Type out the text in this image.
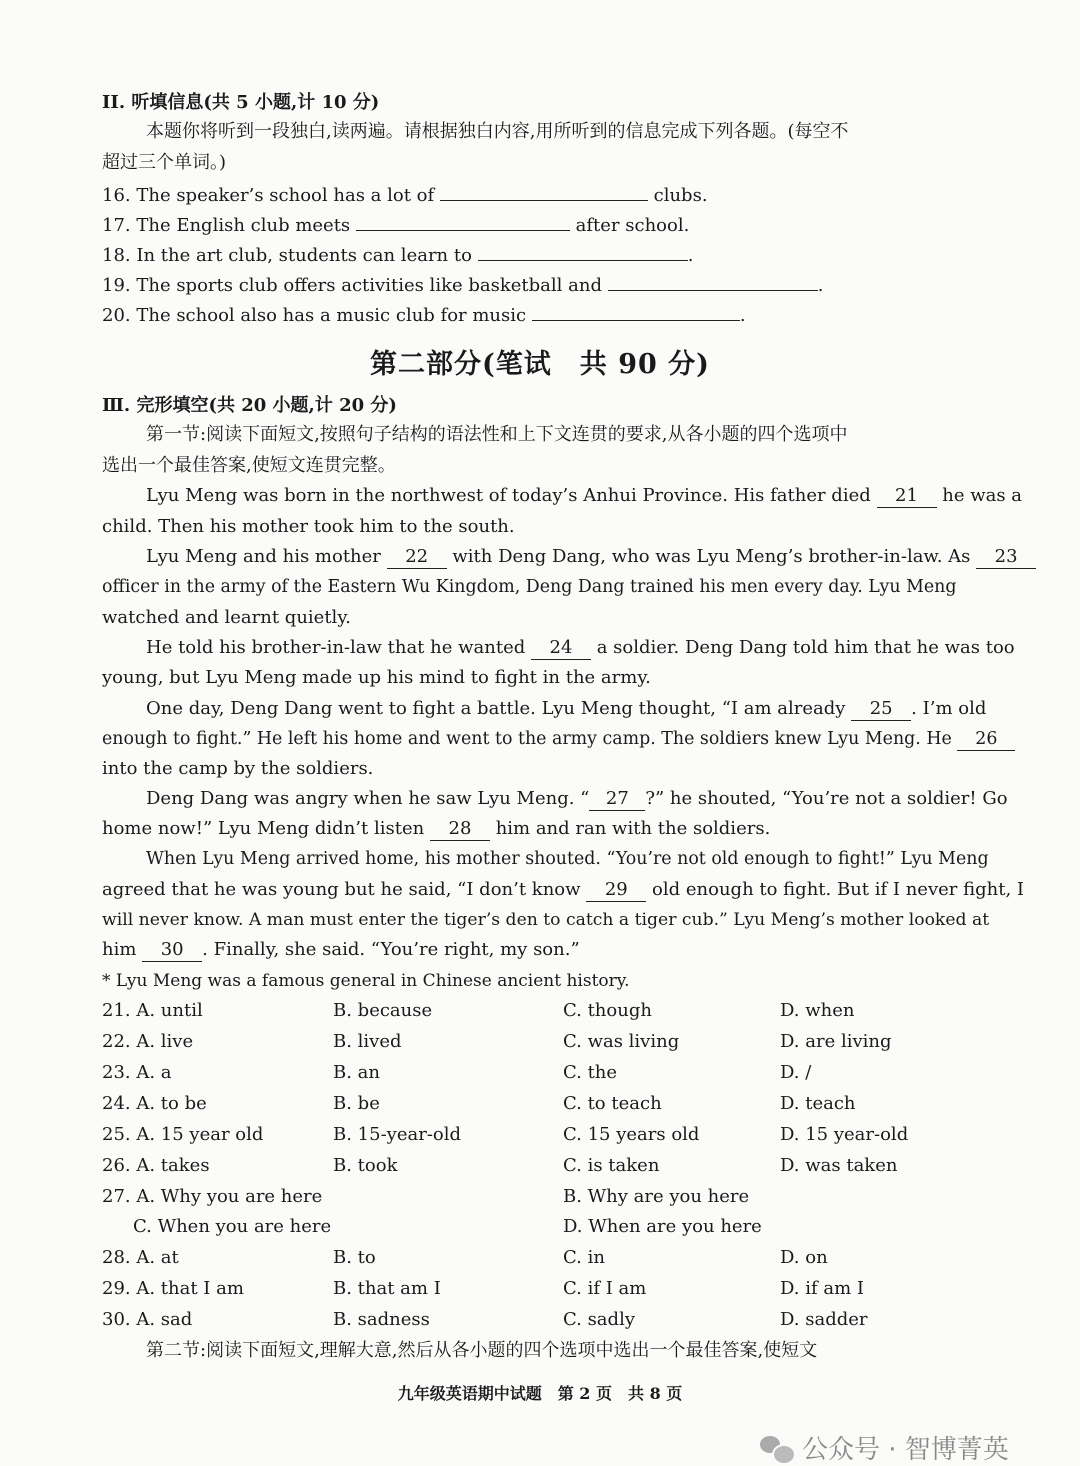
II. 听填信息(共 5 小题,计 10 分)
本题你将听到一段独白,读两遍。请根据独白内容,用所听到的信息完成下列各题。(每空不
超过三个单词。)
16. The speaker’s school has a lot of	clubs.
17. The English club meets	after school.
18. In the art club, students can learn to	.
19. The sports club offers activities like basketball and	.
20. The school also has a music club for music	.
第二部分(笔试　共 90 分)
Ⅲ. 完形填空(共 20 小题,计 20 分)
第一节:阅读下面短文,按照句子结构的语法性和上下文连贯的要求,从各小题的四个选项中
选出一个最佳答案,使短文连贯完整。
Lyu Meng was born in the northwest of today’s Anhui Province. His father died 21 he was a
child. Then his mother took him to the south.
Lyu Meng and his mother 22 with Deng Dang, who was Lyu Meng’s brother-in-law. As 23
officer in the army of the Eastern Wu Kingdom, Deng Dang trained his men every day. Lyu Meng
watched and learnt quietly.
He told his brother-in-law that he wanted 24 a soldier. Deng Dang told him that he was too
young, but Lyu Meng made up his mind to fight in the army.
One day, Deng Dang went to fight a battle. Lyu Meng thought, “I am already 25 . I’m old
enough to fight.” He left his home and went to the army camp. The soldiers knew Lyu Meng. He 26
into the camp by the soldiers.
Deng Dang was angry when he saw Lyu Meng. “ 27 ?” he shouted, “You’re not a soldier! Go
home now!” Lyu Meng didn’t listen 28 him and ran with the soldiers.
When Lyu Meng arrived home, his mother shouted. “You’re not old enough to fight!” Lyu Meng
agreed that he was young but he said, “I don’t know 29 old enough to fight. But if I never fight, I
will never know. A man must enter the tiger’s den to catch a tiger cub.” Lyu Meng’s mother looked at
him 30 . Finally, she said. “You’re right, my son.”
* Lyu Meng was a famous general in Chinese ancient history.
21. A. until	B. because	C. though	D. when
22. A. live	B. lived	C. was living	D. are living
23. A. a	B. an	C. the	D. /
24. A. to be	B. be	C. to teach	D. teach
25. A. 15 year old	B. 15-year-old	C. 15 years old	D. 15 year-old
26. A. takes	B. took	C. is taken	D. was taken
27. A. Why you are here	B. Why are you here
C. When you are here	D. When are you here
28. A. at	B. to	C. in	D. on
29. A. that I am	B. that am I	C. if I am	D. if am I
30. A. sad	B. sadness	C. sadly	D. sadder
第二节:阅读下面短文,理解大意,然后从各小题的四个选项中选出一个最佳答案,使短文
九年级英语期中试题　第 2 页　共 8 页
公众号 · 智博菁英
